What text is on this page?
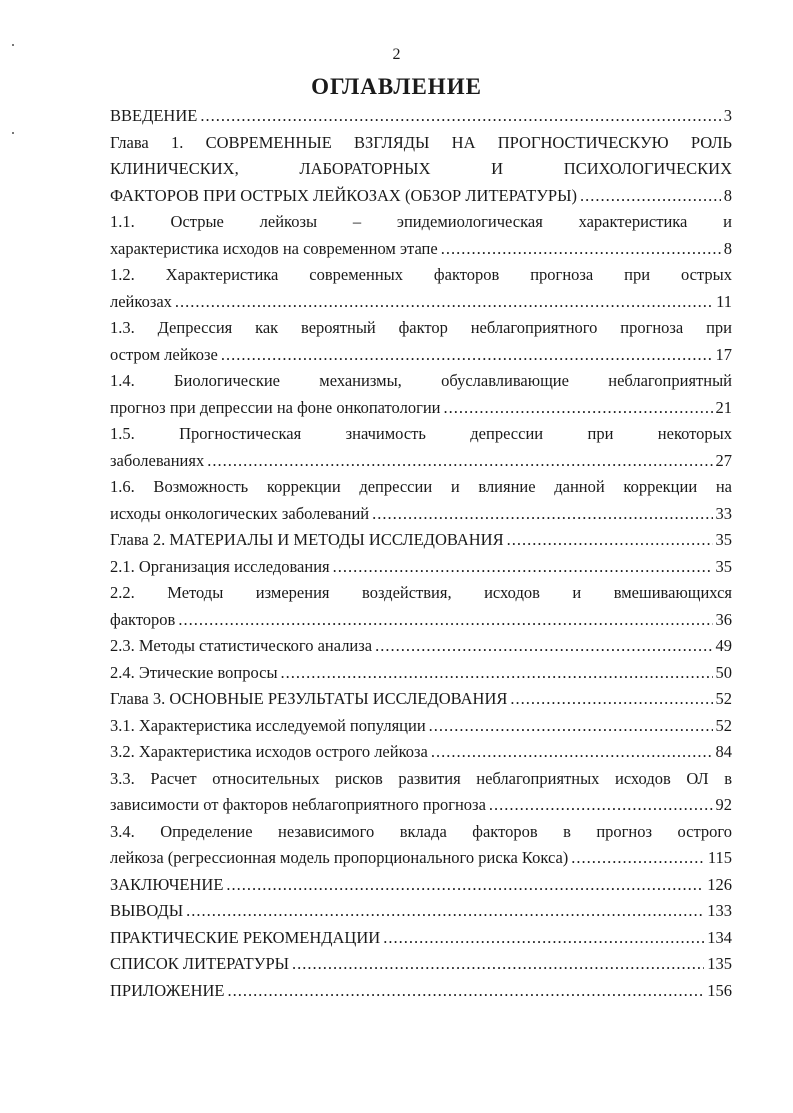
2
ОГЛАВЛЕНИЕ
ВВЕДЕНИЕ .....	3
Глава 1. СОВРЕМЕННЫЕ ВЗГЛЯДЫ НА ПРОГНОСТИЧЕСКУЮ РОЛЬ
КЛИНИЧЕСКИХ, ЛАБОРАТОРНЫХ И ПСИХОЛОГИЧЕСКИХ
ФАКТОРОВ ПРИ ОСТРЫХ ЛЕЙКОЗАХ (ОБЗОР ЛИТЕРАТУРЫ) .....	8
1.1. Острые лейкозы – эпидемиологическая характеристика и
характеристика исходов на современном этапе .....	8
1.2. Характеристика современных факторов прогноза при острых
лейкозах .....	11
1.3. Депрессия как вероятный фактор неблагоприятного прогноза при
остром лейкозе .....	17
1.4. Биологические механизмы, обуславливающие неблагоприятный
прогноз при депрессии на фоне онкопатологии .....	21
1.5. Прогностическая значимость депрессии при некоторых
заболеваниях .....	27
1.6. Возможность коррекции депрессии и влияние данной коррекции на
исходы онкологических заболеваний .....	33
Глава 2. МАТЕРИАЛЫ И МЕТОДЫ ИССЛЕДОВАНИЯ .....	35
2.1. Организация исследования .....	35
2.2. Методы измерения воздействия, исходов и вмешивающихся
факторов .....	36
2.3. Методы статистического анализа .....	49
2.4. Этические вопросы .....	50
Глава 3. ОСНОВНЫЕ РЕЗУЛЬТАТЫ ИССЛЕДОВАНИЯ .....	52
3.1. Характеристика исследуемой популяции .....	52
3.2. Характеристика исходов острого лейкоза .....	84
3.3. Расчет относительных рисков развития неблагоприятных исходов ОЛ в
зависимости от факторов неблагоприятного прогноза .....	92
3.4. Определение независимого вклада факторов в прогноз острого
лейкоза (регрессионная модель пропорционального риска Кокса) .....	115
ЗАКЛЮЧЕНИЕ .....	126
ВЫВОДЫ .....	133
ПРАКТИЧЕСКИЕ РЕКОМЕНДАЦИИ .....	134
СПИСОК ЛИТЕРАТУРЫ .....	135
ПРИЛОЖЕНИЕ .....	156
